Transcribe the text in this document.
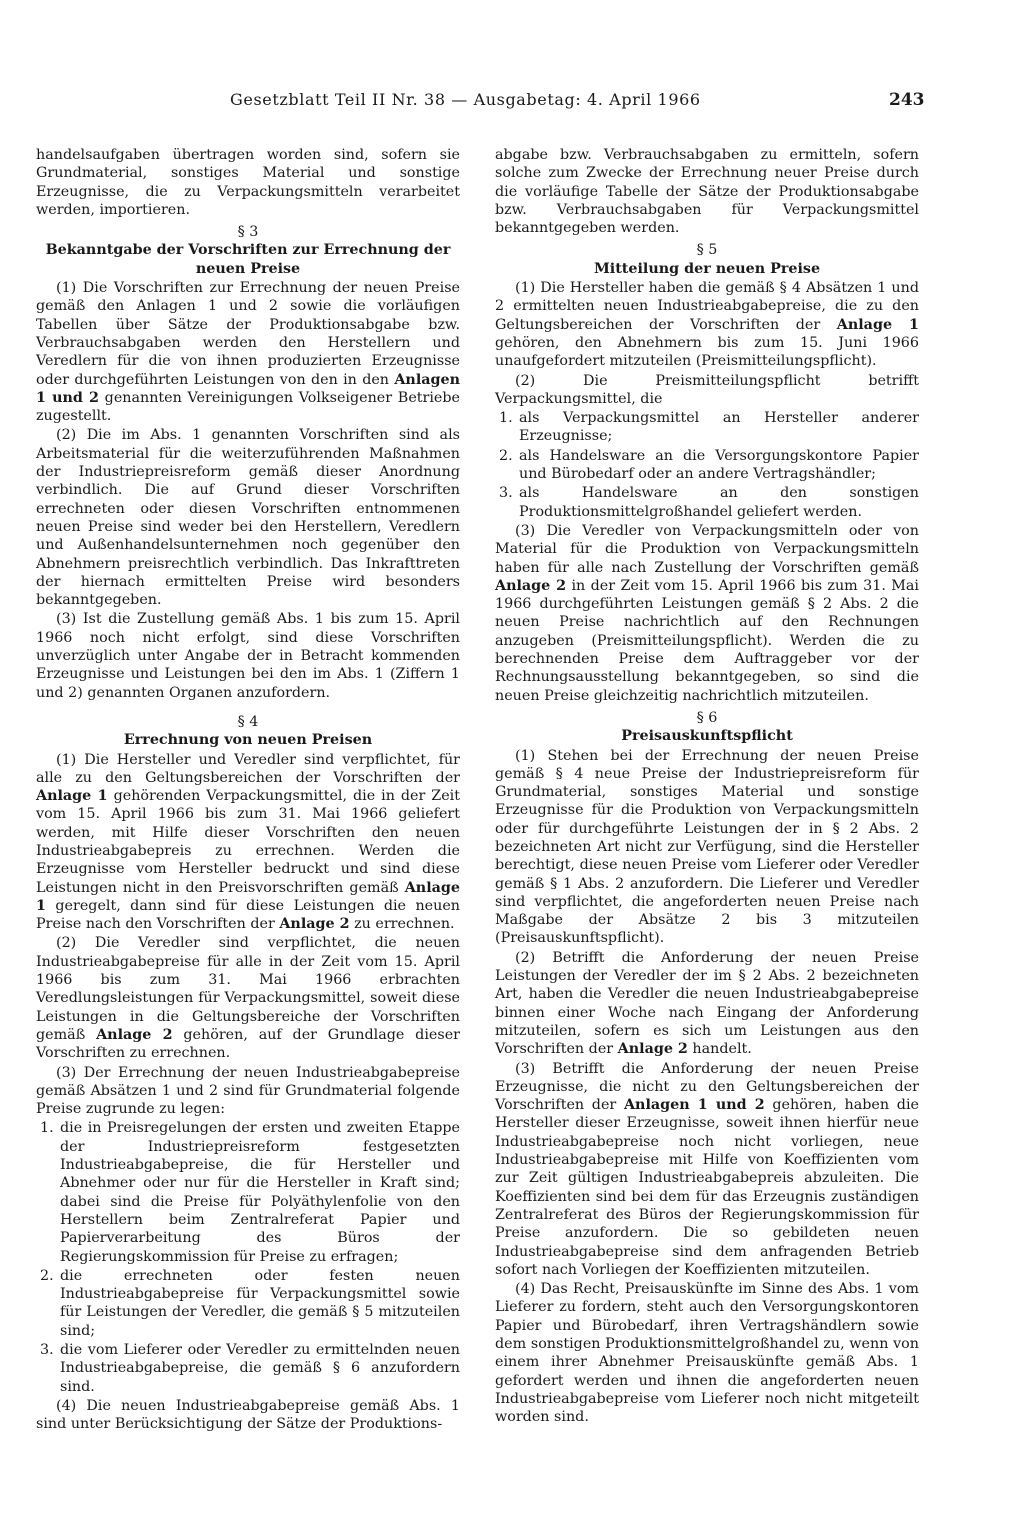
Gesetzblatt Teil II Nr. 38 — Ausgabetag: 4. April 1966	243

handelsaufgaben übertragen worden sind, sofern sie Grundmaterial, sonstiges Material und sonstige Erzeugnisse, die zu Verpackungsmitteln verarbeitet werden, importieren.

§ 3
Bekanntgabe der Vorschriften zur Errechnung der neuen Preise

(1) Die Vorschriften zur Errechnung der neuen Preise gemäß den Anlagen 1 und 2 sowie die vorläufigen Tabellen über Sätze der Produktionsabgabe bzw. Verbrauchsabgaben werden den Herstellern und Veredlern für die von ihnen produzierten Erzeugnisse oder durchgeführten Leistungen von den in den Anlagen 1 und 2 genannten Vereinigungen Volkseigener Betriebe zugestellt.

(2) Die im Abs. 1 genannten Vorschriften sind als Arbeitsmaterial für die weiterzuführenden Maßnahmen der Industriepreisreform gemäß dieser Anordnung verbindlich. Die auf Grund dieser Vorschriften errechneten oder diesen Vorschriften entnommenen neuen Preise sind weder bei den Herstellern, Veredlern und Außenhandelsunternehmen noch gegenüber den Abnehmern preisrechtlich verbindlich. Das Inkrafttreten der hiernach ermittelten Preise wird besonders bekanntgegeben.

(3) Ist die Zustellung gemäß Abs. 1 bis zum 15. April 1966 noch nicht erfolgt, sind diese Vorschriften unverzüglich unter Angabe der in Betracht kommenden Erzeugnisse und Leistungen bei den im Abs. 1 (Ziffern 1 und 2) genannten Organen anzufordern.

§ 4
Errechnung von neuen Preisen

(1) Die Hersteller und Veredler sind verpflichtet, für alle zu den Geltungsbereichen der Vorschriften der Anlage 1 gehörenden Verpackungsmittel, die in der Zeit vom 15. April 1966 bis zum 31. Mai 1966 geliefert werden, mit Hilfe dieser Vorschriften den neuen Industrieabgabepreis zu errechnen. Werden die Erzeugnisse vom Hersteller bedruckt und sind diese Leistungen nicht in den Preisvorschriften gemäß Anlage 1 geregelt, dann sind für diese Leistungen die neuen Preise nach den Vorschriften der Anlage 2 zu errechnen.

(2) Die Veredler sind verpflichtet, die neuen Industrieabgabepreise für alle in der Zeit vom 15. April 1966 bis zum 31. Mai 1966 erbrachten Veredlungsleistungen für Verpackungsmittel, soweit diese Leistungen in die Geltungsbereiche der Vorschriften gemäß Anlage 2 gehören, auf der Grundlage dieser Vorschriften zu errechnen.

(3) Der Errechnung der neuen Industrieabgabepreise gemäß Absätzen 1 und 2 sind für Grundmaterial folgende Preise zugrunde zu legen:

1. die in Preisregelungen der ersten und zweiten Etappe der Industriepreisreform festgesetzten Industrieabgabepreise, die für Hersteller und Abnehmer oder nur für die Hersteller in Kraft sind; dabei sind die Preise für Polyäthylenfolie von den Herstellern beim Zentralreferat Papier und Papierverarbeitung des Büros der Regierungskommission für Preise zu erfragen;
2. die errechneten oder festen neuen Industrieabgabepreise für Verpackungsmittel sowie für Leistungen der Veredler, die gemäß § 5 mitzuteilen sind;
3. die vom Lieferer oder Veredler zu ermittelnden neuen Industrieabgabepreise, die gemäß § 6 anzufordern sind.

(4) Die neuen Industrieabgabepreise gemäß Abs. 1 sind unter Berücksichtigung der Sätze der Produktions-

abgabe bzw. Verbrauchsabgaben zu ermitteln, sofern solche zum Zwecke der Errechnung neuer Preise durch die vorläufige Tabelle der Sätze der Produktionsabgabe bzw. Verbrauchsabgaben für Verpackungsmittel bekanntgegeben werden.

§ 5
Mitteilung der neuen Preise

(1) Die Hersteller haben die gemäß § 4 Absätzen 1 und 2 ermittelten neuen Industrieabgabepreise, die zu den Geltungsbereichen der Vorschriften der Anlage 1 gehören, den Abnehmern bis zum 15. Juni 1966 unaufgefordert mitzuteilen (Preismitteilungspflicht).

(2) Die Preismitteilungspflicht betrifft Verpackungsmittel, die

1. als Verpackungsmittel an Hersteller anderer Erzeugnisse;
2. als Handelsware an die Versorgungskontore Papier und Bürobedarf oder an andere Vertragshändler;
3. als Handelsware an den sonstigen Produktionsmittelgroßhandel geliefert werden.

(3) Die Veredler von Verpackungsmitteln oder von Material für die Produktion von Verpackungsmitteln haben für alle nach Zustellung der Vorschriften gemäß Anlage 2 in der Zeit vom 15. April 1966 bis zum 31. Mai 1966 durchgeführten Leistungen gemäß § 2 Abs. 2 die neuen Preise nachrichtlich auf den Rechnungen anzugeben (Preismitteilungspflicht). Werden die zu berechnenden Preise dem Auftraggeber vor der Rechnungsausstellung bekanntgegeben, so sind die neuen Preise gleichzeitig nachrichtlich mitzuteilen.

§ 6
Preisauskunftspflicht

(1) Stehen bei der Errechnung der neuen Preise gemäß § 4 neue Preise der Industriepreisreform für Grundmaterial, sonstiges Material und sonstige Erzeugnisse für die Produktion von Verpackungsmitteln oder für durchgeführte Leistungen der in § 2 Abs. 2 bezeichneten Art nicht zur Verfügung, sind die Hersteller berechtigt, diese neuen Preise vom Lieferer oder Veredler gemäß § 1 Abs. 2 anzufordern. Die Lieferer und Veredler sind verpflichtet, die angeforderten neuen Preise nach Maßgabe der Absätze 2 bis 3 mitzuteilen (Preisauskunftspflicht).

(2) Betrifft die Anforderung der neuen Preise Leistungen der Veredler der im § 2 Abs. 2 bezeichneten Art, haben die Veredler die neuen Industrieabgabepreise binnen einer Woche nach Eingang der Anforderung mitzuteilen, sofern es sich um Leistungen aus den Vorschriften der Anlage 2 handelt.

(3) Betrifft die Anforderung der neuen Preise Erzeugnisse, die nicht zu den Geltungsbereichen der Vorschriften der Anlagen 1 und 2 gehören, haben die Hersteller dieser Erzeugnisse, soweit ihnen hierfür neue Industrieabgabepreise noch nicht vorliegen, neue Industrieabgabepreise mit Hilfe von Koeffizienten vom zur Zeit gültigen Industrieabgabepreis abzuleiten. Die Koeffizienten sind bei dem für das Erzeugnis zuständigen Zentralreferat des Büros der Regierungskommission für Preise anzufordern. Die so gebildeten neuen Industrieabgabepreise sind dem anfragenden Betrieb sofort nach Vorliegen der Koeffizienten mitzuteilen.

(4) Das Recht, Preisauskünfte im Sinne des Abs. 1 vom Lieferer zu fordern, steht auch den Versorgungskontoren Papier und Bürobedarf, ihren Vertragshändlern sowie dem sonstigen Produktionsmittelgroßhandel zu, wenn von einem ihrer Abnehmer Preisauskünfte gemäß Abs. 1 gefordert werden und ihnen die angeforderten neuen Industrieabgabepreise vom Lieferer noch nicht mitgeteilt worden sind.
